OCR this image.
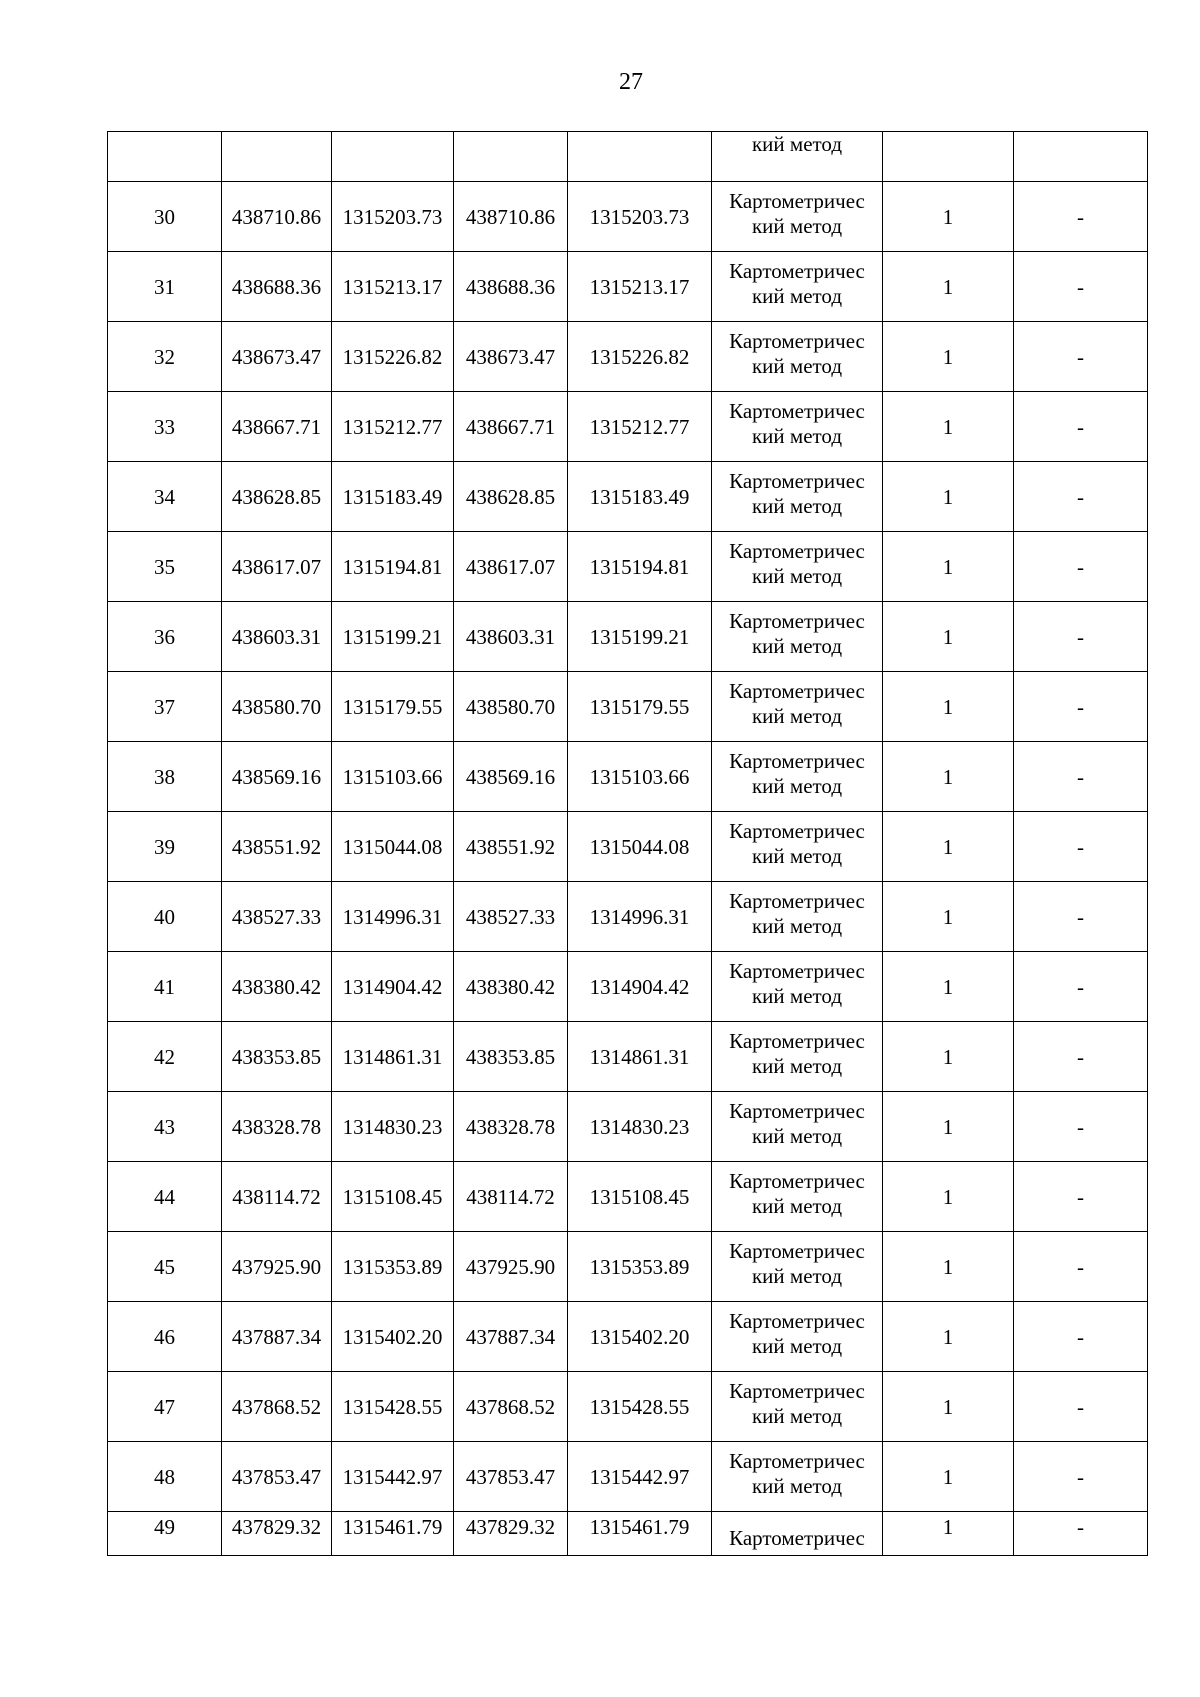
27

					кий метод		

30	438710.86	1315203.73	438710.86	1315203.73	Картометричес
кий метод	1	-
31	438688.36	1315213.17	438688.36	1315213.17	Картометричес
кий метод	1	-
32	438673.47	1315226.82	438673.47	1315226.82	Картометричес
кий метод	1	-
33	438667.71	1315212.77	438667.71	1315212.77	Картометричес
кий метод	1	-
34	438628.85	1315183.49	438628.85	1315183.49	Картометричес
кий метод	1	-
35	438617.07	1315194.81	438617.07	1315194.81	Картометричес
кий метод	1	-
36	438603.31	1315199.21	438603.31	1315199.21	Картометричес
кий метод	1	-
37	438580.70	1315179.55	438580.70	1315179.55	Картометричес
кий метод	1	-
38	438569.16	1315103.66	438569.16	1315103.66	Картометричес
кий метод	1	-
39	438551.92	1315044.08	438551.92	1315044.08	Картометричес
кий метод	1	-
40	438527.33	1314996.31	438527.33	1314996.31	Картометричес
кий метод	1	-
41	438380.42	1314904.42	438380.42	1314904.42	Картометричес
кий метод	1	-
42	438353.85	1314861.31	438353.85	1314861.31	Картометричес
кий метод	1	-
43	438328.78	1314830.23	438328.78	1314830.23	Картометричес
кий метод	1	-
44	438114.72	1315108.45	438114.72	1315108.45	Картометричес
кий метод	1	-
45	437925.90	1315353.89	437925.90	1315353.89	Картометричес
кий метод	1	-
46	437887.34	1315402.20	437887.34	1315402.20	Картометричес
кий метод	1	-
47	437868.52	1315428.55	437868.52	1315428.55	Картометричес
кий метод	1	-
48	437853.47	1315442.97	437853.47	1315442.97	Картометричес
кий метод	1	-
49	437829.32	1315461.79	437829.32	1315461.79	Картометричес	1	-
